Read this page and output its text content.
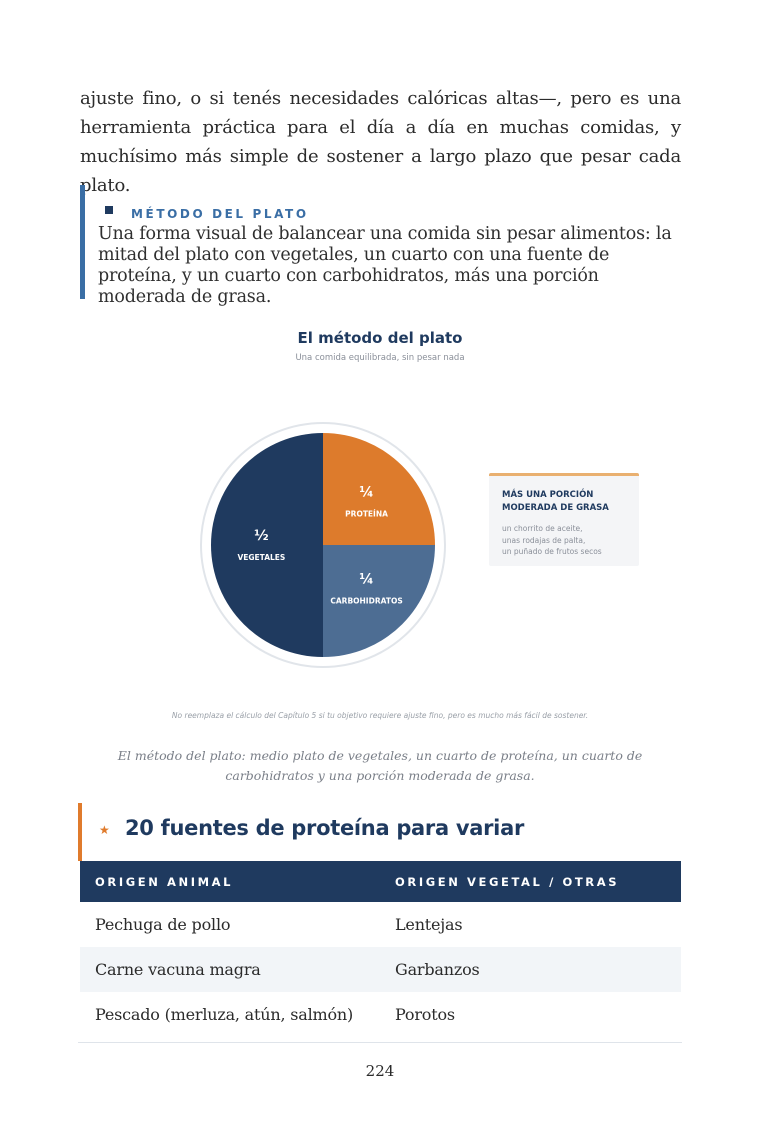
ajuste fino, o si tenés necesidades calóricas altas—, pero es una herramienta práctica para el día a día en muchas comidas, y muchísimo más simple de sostener a largo plazo que pesar cada plato.

MÉTODO DEL PLATO

Una forma visual de balancear una comida sin pesar alimentos: la mitad del plato con vegetales, un cuarto con una fuente de proteína, y un cuarto con carbohidratos, más una porción moderada de grasa.

El método del plato
Una comida equilibrada, sin pesar nada
¼
PROTEÍNA
¼
CARBOHIDRATOS
½
VEGETALES

MÁS UNA PORCIÓN MODERADA DE GRASA

un chorrito de aceite,
unas rodajas de palta,
un puñado de frutos secos

No reemplaza el cálculo del Capítulo 5 si tu objetivo requiere ajuste fino, pero es mucho más fácil de sostener.

El método del plato: medio plato de vegetales, un cuarto de proteína, un cuarto de carbohidratos y una porción moderada de grasa.

★ 20 fuentes de proteína para variar
ORIGEN ANIMAL	ORIGEN VEGETAL / OTRAS
Pechuga de pollo	Lentejas
Carne vacuna magra	Garbanzos
Pescado (merluza, atún, salmón)	Porotos
224
